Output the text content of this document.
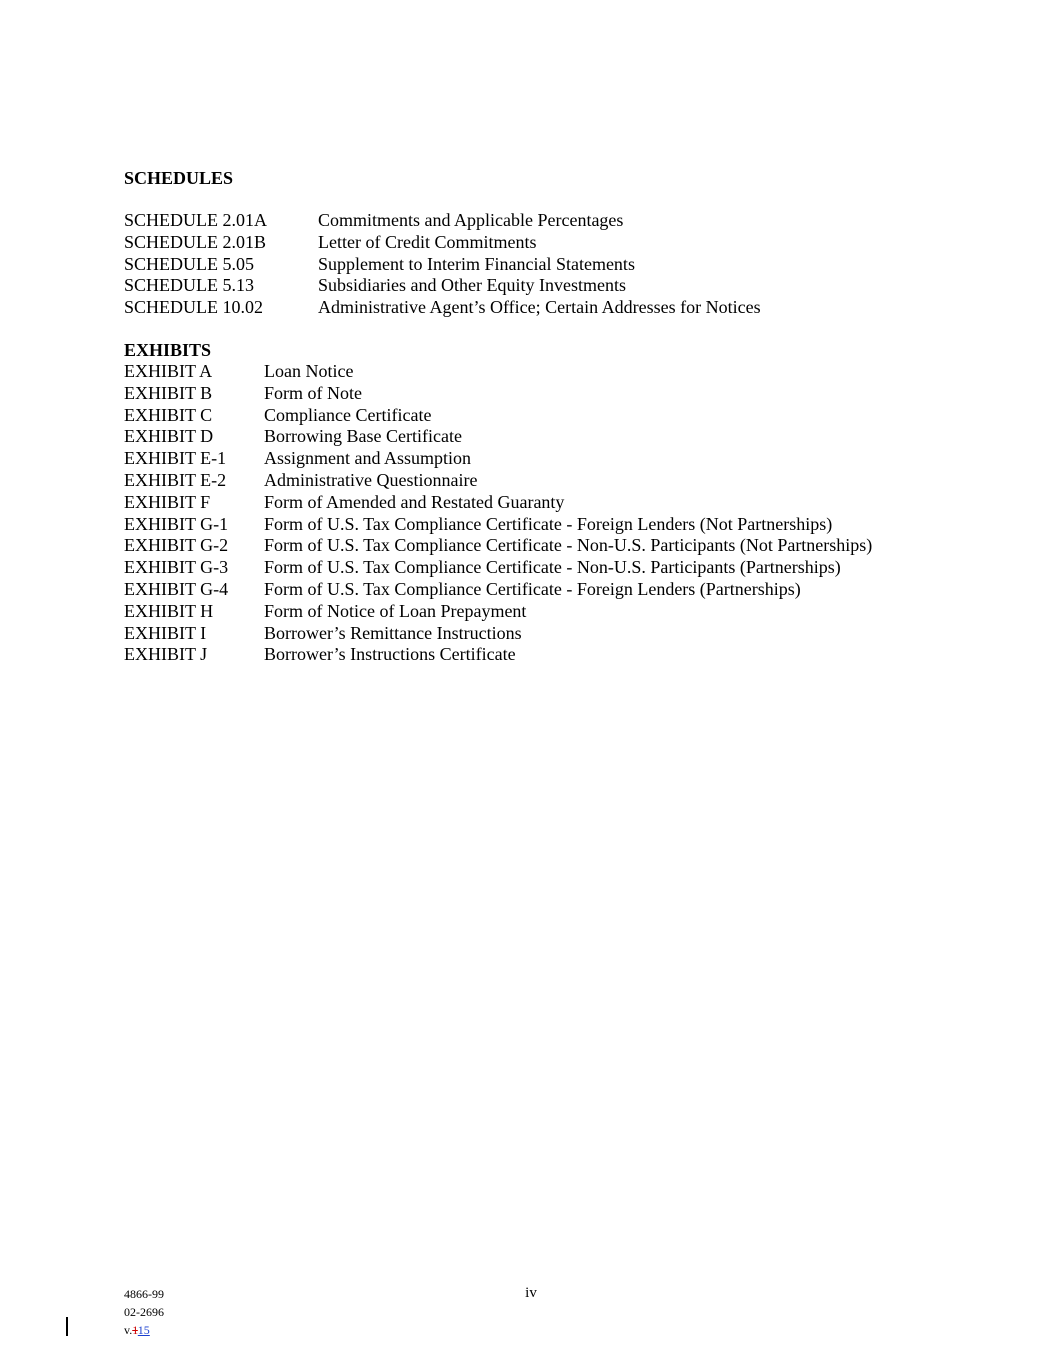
SCHEDULES
SCHEDULE 2.01A	Commitments and Applicable Percentages
SCHEDULE 2.01B	Letter of Credit Commitments
SCHEDULE 5.05	Supplement to Interim Financial Statements
SCHEDULE 5.13	Subsidiaries and Other Equity Investments
SCHEDULE 10.02	Administrative Agent’s Office; Certain Addresses for Notices
EXHIBITS
EXHIBIT A	Loan Notice
EXHIBIT B	Form of Note
EXHIBIT C	Compliance Certificate
EXHIBIT D	Borrowing Base Certificate
EXHIBIT E-1	Assignment and Assumption
EXHIBIT E-2	Administrative Questionnaire
EXHIBIT F	Form of Amended and Restated Guaranty
EXHIBIT G-1	Form of U.S. Tax Compliance Certificate - Foreign Lenders (Not Partnerships)
EXHIBIT G-2	Form of U.S. Tax Compliance Certificate - Non-U.S. Participants (Not Partnerships)
EXHIBIT G-3	Form of U.S. Tax Compliance Certificate - Non-U.S. Participants (Partnerships)
EXHIBIT G-4	Form of U.S. Tax Compliance Certificate - Foreign Lenders (Partnerships)
EXHIBIT H	Form of Notice of Loan Prepayment
EXHIBIT I	Borrower’s Remittance Instructions
EXHIBIT J	Borrower’s Instructions Certificate
4866-99
02-2696
v.115
iv
